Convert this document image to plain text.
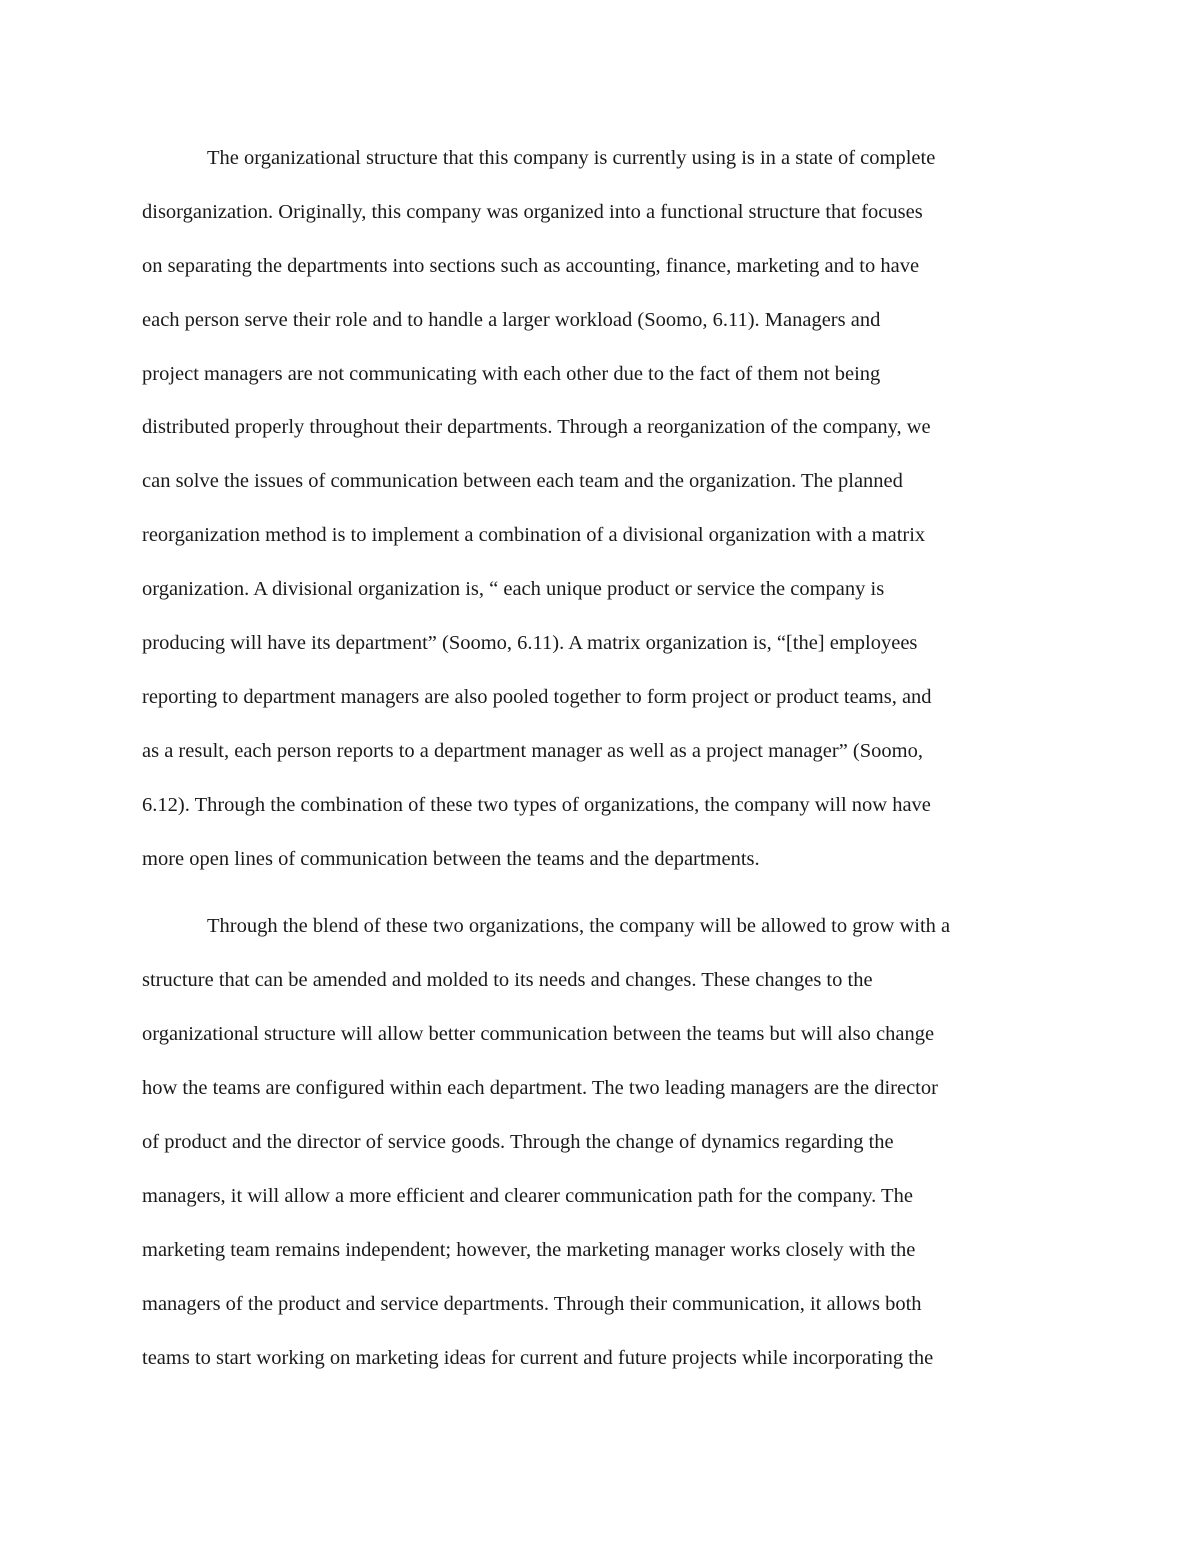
The organizational structure that this company is currently using is in a state of complete
disorganization. Originally, this company was organized into a functional structure that focuses
on separating the departments into sections such as accounting, finance, marketing and to have
each person serve their role and to handle a larger workload (Soomo, 6.11). Managers and
project managers are not communicating with each other due to the fact of them not being
distributed properly throughout their departments. Through a reorganization of the company, we
can solve the issues of communication between each team and the organization. The planned
reorganization method is to implement a combination of a divisional organization with a matrix
organization. A divisional organization is, “ each unique product or service the company is
producing will have its department” (Soomo, 6.11). A matrix organization is, “[the] employees
reporting to department managers are also pooled together to form project or product teams, and
as a result, each person reports to a department manager as well as a project manager” (Soomo,
6.12). Through the combination of these two types of organizations, the company will now have
more open lines of communication between the teams and the departments.
Through the blend of these two organizations, the company will be allowed to grow with a
structure that can be amended and molded to its needs and changes. These changes to the
organizational structure will allow better communication between the teams but will also change
how the teams are configured within each department. The two leading managers are the director
of product and the director of service goods. Through the change of dynamics regarding the
managers, it will allow a more efficient and clearer communication path for the company. The
marketing team remains independent; however, the marketing manager works closely with the
managers of the product and service departments. Through their communication, it allows both
teams to start working on marketing ideas for current and future projects while incorporating the
